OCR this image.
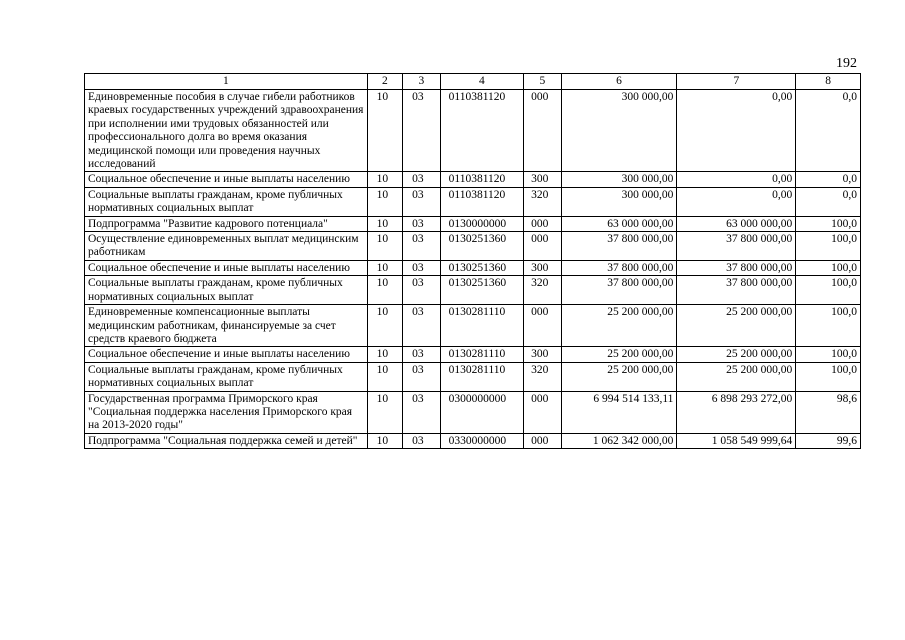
192
1	2	3	4	5	6	7	8
Единовременные пособия в случае гибели работников краевых государственных учреждений здравоохранения при исполнении ими трудовых обязанностей или профессионального долга во время оказания медицинской помощи или проведения научных исследований	10	03	0110381120	000	300 000,00	0,00	0,0
Социальное обеспечение и иные выплаты населению	10	03	0110381120	300	300 000,00	0,00	0,0
Социальные выплаты гражданам, кроме публичных нормативных социальных выплат	10	03	0110381120	320	300 000,00	0,00	0,0
Подпрограмма "Развитие кадрового потенциала"	10	03	0130000000	000	63 000 000,00	63 000 000,00	100,0
Осуществление единовременных выплат медицинским работникам	10	03	0130251360	000	37 800 000,00	37 800 000,00	100,0
Социальное обеспечение и иные выплаты населению	10	03	0130251360	300	37 800 000,00	37 800 000,00	100,0
Социальные выплаты гражданам, кроме публичных нормативных социальных выплат	10	03	0130251360	320	37 800 000,00	37 800 000,00	100,0
Единовременные компенсационные выплаты медицинским работникам, финансируемые за счет средств краевого бюджета	10	03	0130281110	000	25 200 000,00	25 200 000,00	100,0
Социальное обеспечение и иные выплаты населению	10	03	0130281110	300	25 200 000,00	25 200 000,00	100,0
Социальные выплаты гражданам, кроме публичных нормативных социальных выплат	10	03	0130281110	320	25 200 000,00	25 200 000,00	100,0
Государственная программа Приморского края "Социальная поддержка населения Приморского края на 2013-2020 годы"	10	03	0300000000	000	6 994 514 133,11	6 898 293 272,00	98,6
Подпрограмма "Социальная поддержка семей и детей"	10	03	0330000000	000	1 062 342 000,00	1 058 549 999,64	99,6
